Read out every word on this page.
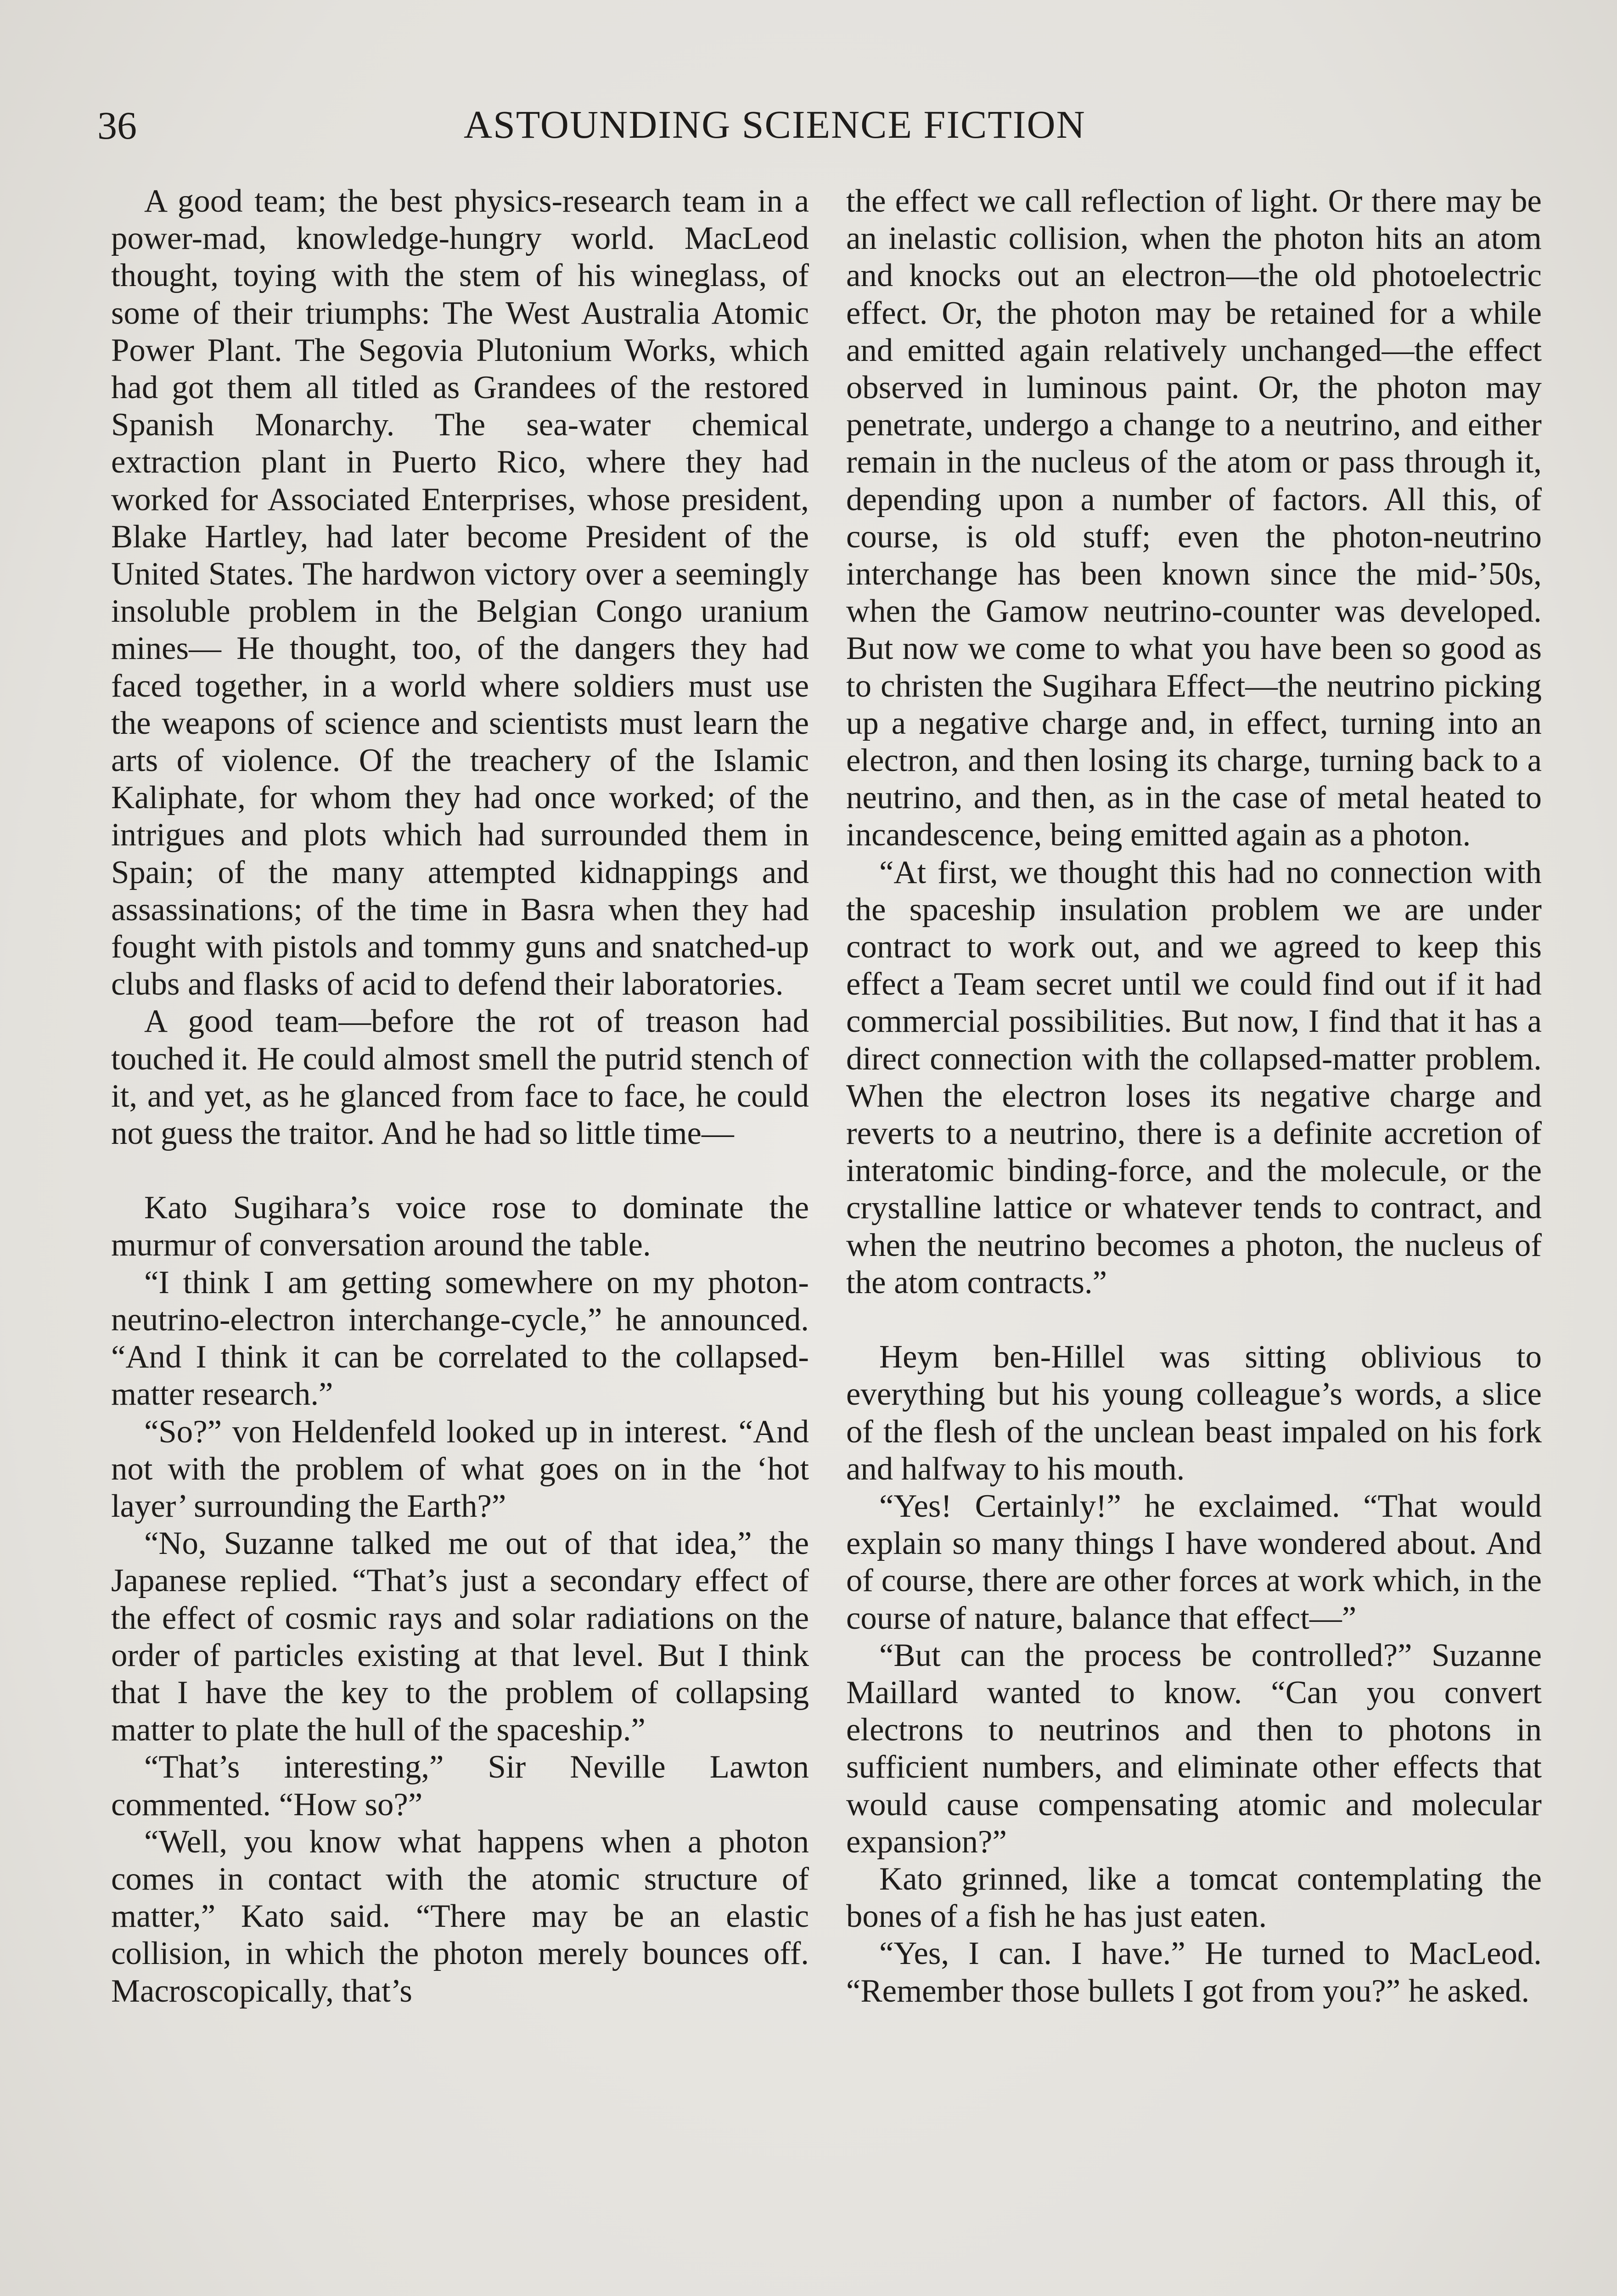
36	ASTOUNDING SCIENCE FICTION

A good team; the best physics-research team in a power-mad, knowledge-hungry world. MacLeod thought, toying with the stem of his wineglass, of some of their triumphs: The West Australia Atomic Power Plant. The Segovia Plutonium Works, which had got them all titled as Grandees of the restored Spanish Monarchy. The sea-water chemical extraction plant in Puerto Rico, where they had worked for Associated Enterprises, whose president, Blake Hartley, had later become President of the United States. The hardwon victory over a seemingly insoluble problem in the Belgian Congo uranium mines— He thought, too, of the dangers they had faced together, in a world where soldiers must use the weapons of science and scientists must learn the arts of violence. Of the treachery of the Islamic Kaliphate, for whom they had once worked; of the intrigues and plots which had surrounded them in Spain; of the many attempted kidnappings and assassinations; of the time in Basra when they had fought with pistols and tommy guns and snatched-up clubs and flasks of acid to defend their laboratories.

A good team—before the rot of treason had touched it. He could almost smell the putrid stench of it, and yet, as he glanced from face to face, he could not guess the traitor. And he had so little time—

Kato Sugihara’s voice rose to dominate the murmur of conversation around the table.

“I think I am getting somewhere on my photon-neutrino-electron interchange-cycle,” he announced. “And I think it can be correlated to the collapsed-matter research.”

“So?” von Heldenfeld looked up in interest. “And not with the problem of what goes on in the ‘hot layer’ surrounding the Earth?”

“No, Suzanne talked me out of that idea,” the Japanese replied. “That’s just a secondary effect of the effect of cosmic rays and solar radiations on the order of particles existing at that level. But I think that I have the key to the problem of collapsing matter to plate the hull of the spaceship.”

“That’s interesting,” Sir Neville Lawton commented. “How so?”

“Well, you know what happens when a photon comes in contact with the atomic structure of matter,” Kato said. “There may be an elastic collision, in which the photon merely bounces off. Macroscopically, that’s

the effect we call reflection of light. Or there may be an inelastic collision, when the photon hits an atom and knocks out an electron—the old photoelectric effect. Or, the photon may be retained for a while and emitted again relatively unchanged—the effect observed in luminous paint. Or, the photon may penetrate, undergo a change to a neutrino, and either remain in the nucleus of the atom or pass through it, depending upon a number of factors. All this, of course, is old stuff; even the photon-neutrino interchange has been known since the mid-’50s, when the Gamow neutrino-counter was developed. But now we come to what you have been so good as to christen the Sugihara Effect—the neutrino picking up a negative charge and, in effect, turning into an electron, and then losing its charge, turning back to a neutrino, and then, as in the case of metal heated to incandescence, being emitted again as a photon.

“At first, we thought this had no connection with the spaceship insulation problem we are under contract to work out, and we agreed to keep this effect a Team secret until we could find out if it had commercial possibilities. But now, I find that it has a direct connection with the collapsed-matter problem. When the electron loses its negative charge and reverts to a neutrino, there is a definite accretion of interatomic binding-force, and the molecule, or the crystalline lattice or whatever tends to contract, and when the neutrino becomes a photon, the nucleus of the atom contracts.”

Heym ben-Hillel was sitting oblivious to everything but his young colleague’s words, a slice of the flesh of the unclean beast impaled on his fork and halfway to his mouth.

“Yes! Certainly!” he exclaimed. “That would explain so many things I have wondered about. And of course, there are other forces at work which, in the course of nature, balance that effect—”

“But can the process be controlled?” Suzanne Maillard wanted to know. “Can you convert electrons to neutrinos and then to photons in sufficient numbers, and eliminate other effects that would cause compensating atomic and molecular expansion?”

Kato grinned, like a tomcat contemplating the bones of a fish he has just eaten.

“Yes, I can. I have.” He turned to MacLeod. “Remember those bullets I got from you?” he asked.
